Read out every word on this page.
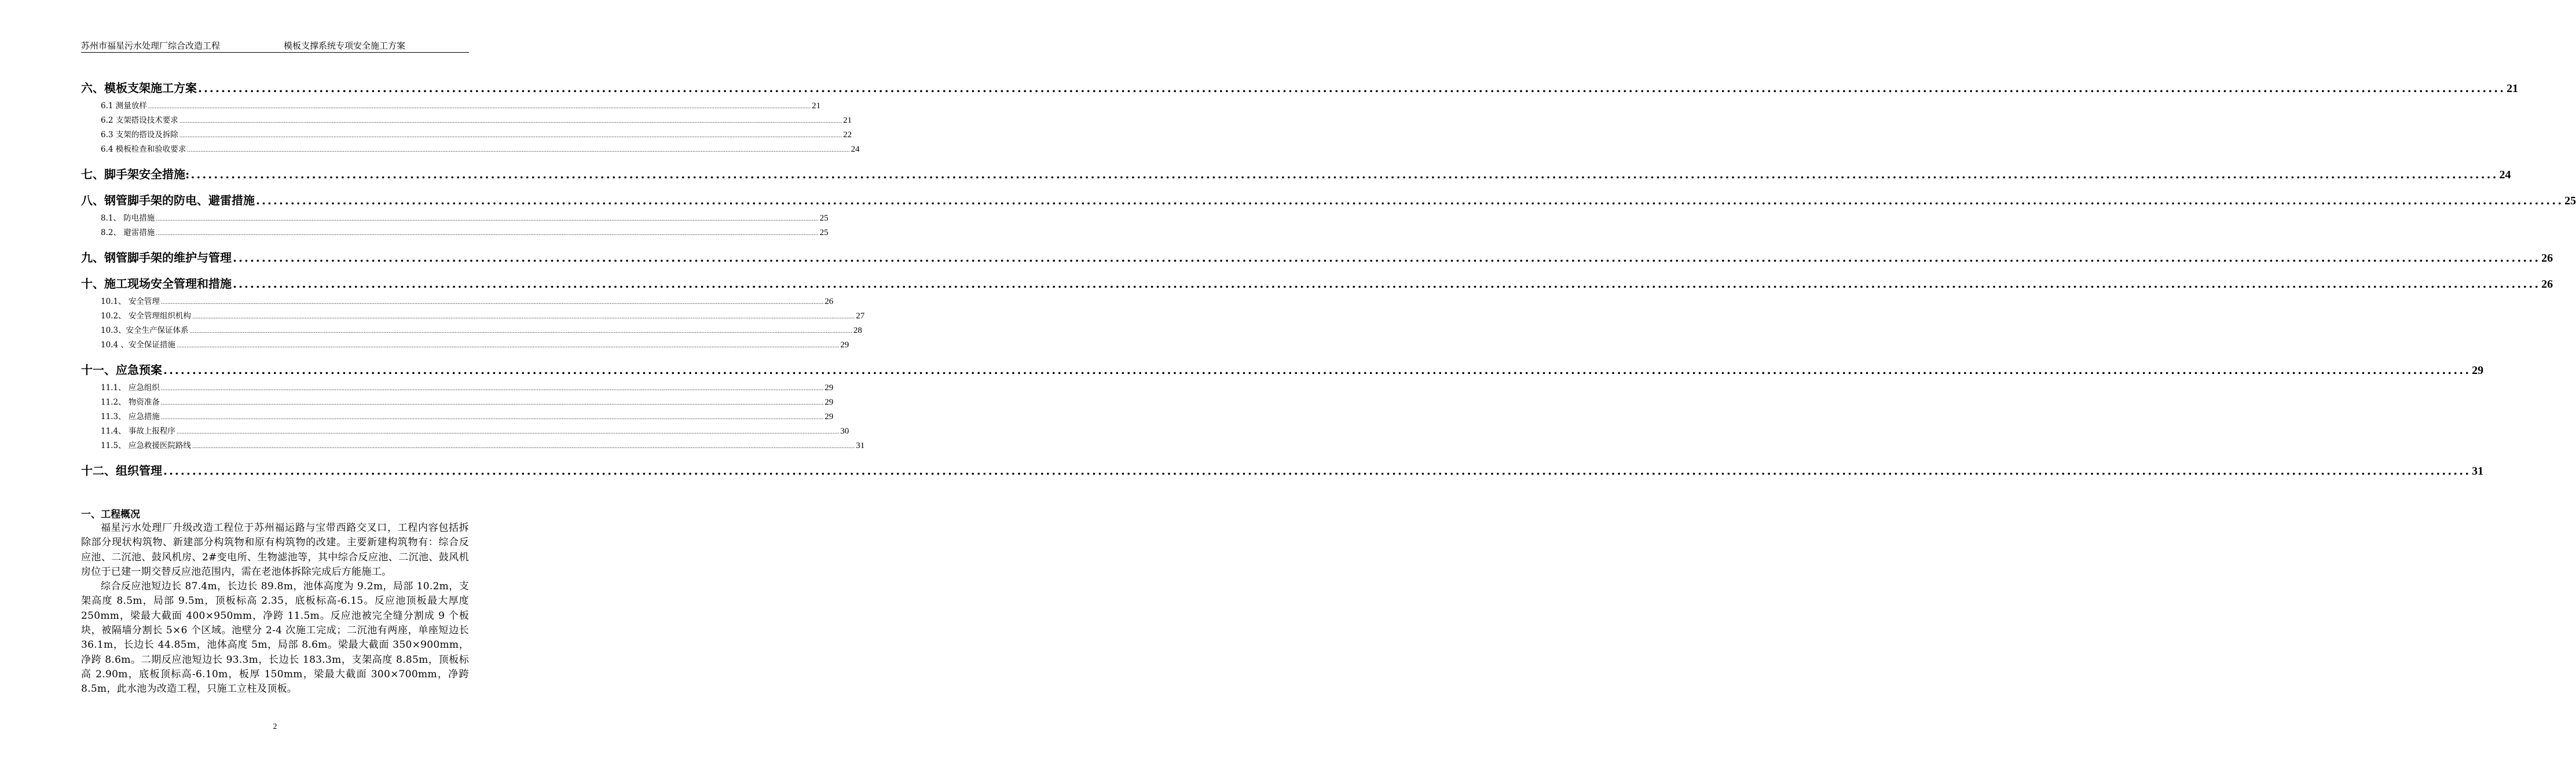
苏州市福星污水处理厂综合改造工程	模板支撑系统专项安全施工方案
六、模板支架施工方案 ................................................................................................................................................................................................................................................................................................................................................................................................................ 21
6.1 测量放样 ................................................................................................................................................................................................................................................................................................................................................................................................................ 21
6.2 支架搭设技术要求 ................................................................................................................................................................................................................................................................................................................................................................................................................ 21
6.3 支架的搭设及拆除 ................................................................................................................................................................................................................................................................................................................................................................................................................ 22
6.4 模板检查和验收要求 ................................................................................................................................................................................................................................................................................................................................................................................................................ 24
七、脚手架安全措施: ................................................................................................................................................................................................................................................................................................................................................................................................................ 24
八、钢管脚手架的防电、避雷措施 ................................................................................................................................................................................................................................................................................................................................................................................................................ 25
8.1、 防电措施 ................................................................................................................................................................................................................................................................................................................................................................................................................ 25
8.2、 避雷措施 ................................................................................................................................................................................................................................................................................................................................................................................................................ 25
九、钢管脚手架的维护与管理 ................................................................................................................................................................................................................................................................................................................................................................................................................ 26
十、施工现场安全管理和措施 ................................................................................................................................................................................................................................................................................................................................................................................................................ 26
10.1、 安全管理 ................................................................................................................................................................................................................................................................................................................................................................................................................ 26
10.2、 安全管理组织机构 ................................................................................................................................................................................................................................................................................................................................................................................................................ 27
10.3、安全生产保证体系 ................................................................................................................................................................................................................................................................................................................................................................................................................ 28
10.4 、安全保证措施 ................................................................................................................................................................................................................................................................................................................................................................................................................ 29
十一、应急预案 ................................................................................................................................................................................................................................................................................................................................................................................................................ 29
11.1、 应急组织 ................................................................................................................................................................................................................................................................................................................................................................................................................ 29
11.2、 物资准备 ................................................................................................................................................................................................................................................................................................................................................................................................................ 29
11.3、 应急措施 ................................................................................................................................................................................................................................................................................................................................................................................................................ 29
11.4、 事故上报程序 ................................................................................................................................................................................................................................................................................................................................................................................................................ 30
11.5、 应急救援医院路线 ................................................................................................................................................................................................................................................................................................................................................................................................................ 31
十二、组织管理 ................................................................................................................................................................................................................................................................................................................................................................................................................ 31
一、工程概况

福星污水处理厂升级改造工程位于苏州福运路与宝带西路交叉口，工程内容包括拆除部分现状构筑物、新建部分构筑物和原有构筑物的改建。主要新建构筑物有：综合反应池、二沉池、鼓风机房、2#变电所、生物滤池等，其中综合反应池、二沉池、鼓风机房位于已建一期交替反应池范围内，需在老池体拆除完成后方能施工。

综合反应池短边长 87.4m，长边长 89.8m，池体高度为 9.2m，局部 10.2m，支架高度 8.5m，局部 9.5m，顶板标高 2.35，底板标高-6.15。反应池顶板最大厚度 250mm，梁最大截面 400×950mm，净跨 11.5m。反应池被完全缝分割成 9 个板块，被隔墙分割长 5×6 个区域。池壁分 2-4 次施工完成；二沉池有两座，单座短边长 36.1m，长边长 44.85m，池体高度 5m，局部 8.6m。梁最大截面 350×900mm，净跨 8.6m。二期反应池短边长 93.3m，长边长 183.3m，支架高度 8.85m，顶板标高 2.90m，底板顶标高-6.10m，板厚 150mm，梁最大截面 300×700mm，净跨 8.5m，此水池为改造工程，只施工立柱及顶板。

2
